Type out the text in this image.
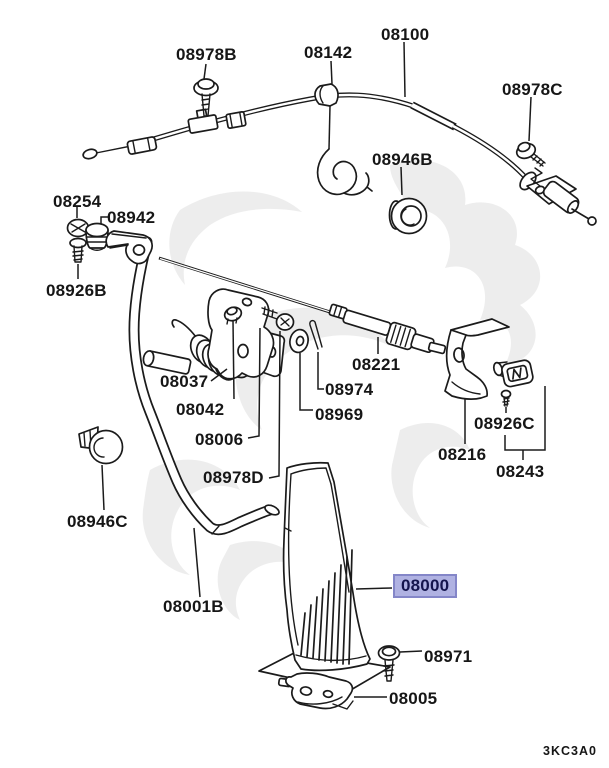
08978B	08142
08100
08978C
08946B
08254
08942
08926B
08037
08042
08006
08978D
08221
08974
08969	08926C
08216
08243
08946C
08001B
08000
08971
08005
3KC3A0
